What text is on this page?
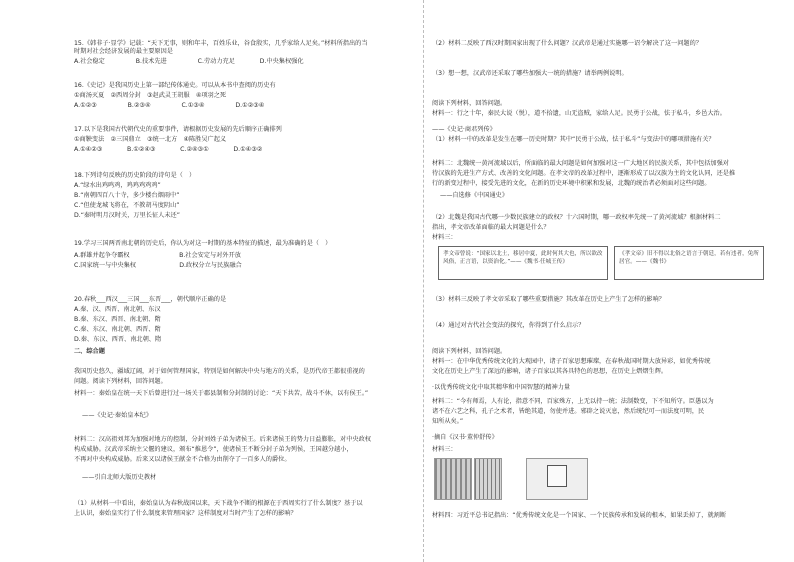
15.《韩非子·显学》记载：“天下无事，则和年丰，百姓乐业，谷食殷实，几乎家给人足矣。”材料所指出的当
时期对社会经济发展的最主要原因是
A.社会稳定　　　　　B.技术先进　　　　　C.劳动力充足　　　　D.中央集权强化
16.《史记》是我国历史上第一部纪传体通史。可以从本书中查阅的历史有
①商汤灭夏　②西周分封　③赵武灵王胡服　④项羽之死
A.①②③　　　　　B.②③④　　　　　C.①③④　　　　　D.①②③④
17.以下是我国古代朝代史的重要事件，请根据历史发展的先后顺序正确排列
①商鞅变法　②三国鼎立　③统一北方　④陈胜吴广起义
A.①④②③　　　　B.①②④③　　　　C.②④③①　　　　D.①④③②
18.下列诗句反映的历史阶段的诗句是（　）
A.“绿水出鸡鸣鸡，鸡鸡鸡鸡鸡”
B.“南朝四百八十寺，多少楼台烟雨中”
C.“但使龙城飞将在，不教胡马度阴山”
D.“秦时明月汉时关，万里长征人未还”
19.学习三国两晋南北朝的历史后，你认为对这一时期的基本特征的描述，最为准确的是（　）
A.群雄并起争夺霸权　　　　　　　　B.社会安定与对外开放
C.国家统一与中央集权　　　　　　　D.政权分立与民族融合
20.春秋___西汉___三国___东晋___，朝代顺序正确的是
A.秦、汉、西晋、南北朝、东汉
B.秦、东汉、西晋、南北朝、隋
C.秦、东汉、南北朝、西晋、隋
D.秦、东汉、西晋、南北朝、隋
二、综合题
我国历史悠久，疆域辽阔，对于如何管理国家，特别是如何解决中央与地方的关系，是历代帝王都很重视的
问题。阅读下列材料，回答问题。
材料一：秦始皇在统一天下后曾进行过一场关于郡县制和分封制的讨论：“天下共苦，战斗不休，以有侯王。”
——《史记·秦始皇本纪》
材料二：汉高祖刘邦为加强对地方的控制，分封刘姓子弟为诸侯王。后来诸侯王的势力日益膨胀，对中央政权
构成威胁。汉武帝采纳主父偃的建议，颁布“推恩令”，使诸侯王不断分封子弟为列侯，王国越分越小，
不再对中央构成威胁。后来又以诸侯王献金不合格为由削夺了一百多人的爵位。
——引自北师大版历史教材
（1）从材料一中看出，秦始皇认为春秋战国以来，天下战争不断的根源在于西周实行了什么制度？基于以
上认识，秦始皇实行了什么制度来管理国家？这样制度对当时产生了怎样的影响？
（2）材料二反映了西汉时期国家出现了什么问题？汉武帝是通过实施哪一诏令解决了这一问题的？
（3）想一想，汉武帝还采取了哪些加强大一统的措施？请举两例说明。
阅读下列材料，回答问题。
材料一：行之十年，秦民大说（悦），道不拾遗，山无盗贼，家给人足。民勇于公战，怯于私斗，乡邑大治。
——《史记·商君列传》
（1）材料一中的改革是发生在哪一历史时期？其中“民勇于公战，怯于私斗”与变法中的哪项措施有关？
材料二：北魏统一黄河流域以后，所面临的最大问题是如何加强对这一广大地区的民族关系，其中包括加强对
待汉族的先进生产方式、改善的文化问题。在孝文帝的改革过程中，逐渐形成了以汉族为主的文化认同，还是推
行的新变过程中，接受先进的文化，在新的历史环境中积累和发展，北魏的统治者必须面对这些问题。
——自选修《中国通史》
（2）北魏是我国古代哪一少数民族建立的政权？十六国时期，哪一政权率先统一了黄河流域？根据材料二
指出，孝文帝改革面临的最大问题是什么？
材料三：
孝文帝曾说：“国家以北土，移居中夏，此时何其大也，所以欲改风俗，正言语，以资治化。”——《魏书·任城王传》
《孝文帝》旧不得以北俗之语言于朝廷，若有违者，免所居官。——《魏书》
（3）材料三反映了孝文帝采取了哪些重要措施？其改革在历史上产生了怎样的影响？
（4）通过对古代社会变法的探究，你得到了什么启示？
阅读下列材料，回答问题。
材料一：在中华优秀传统文化的大观园中，诸子百家思想璀璨，在春秋战国时期大放异彩，如优秀传统
文化在历史上产生了深远的影响，诸子百家以其各具特色的思想，在历史上熠熠生辉。
·以优秀传统文化中取其精华和中国智慧的精神力量
材料二：“今有师焉，人有论，指意不同，百家殊方，上无以持一统；法制数变，下不知所守。臣愚以为
诸不在六艺之科，孔子之术者，皆绝其道，勿使并进。邪辟之说灭息，然后统纪可一而法度可明，民
知所从矣。”
·摘自《汉书·董仲舒传》
材料三：
材料四：习近平总书记指出：“优秀传统文化是一个国家、一个民族传承和发展的根本，如果丢掉了，就割断
